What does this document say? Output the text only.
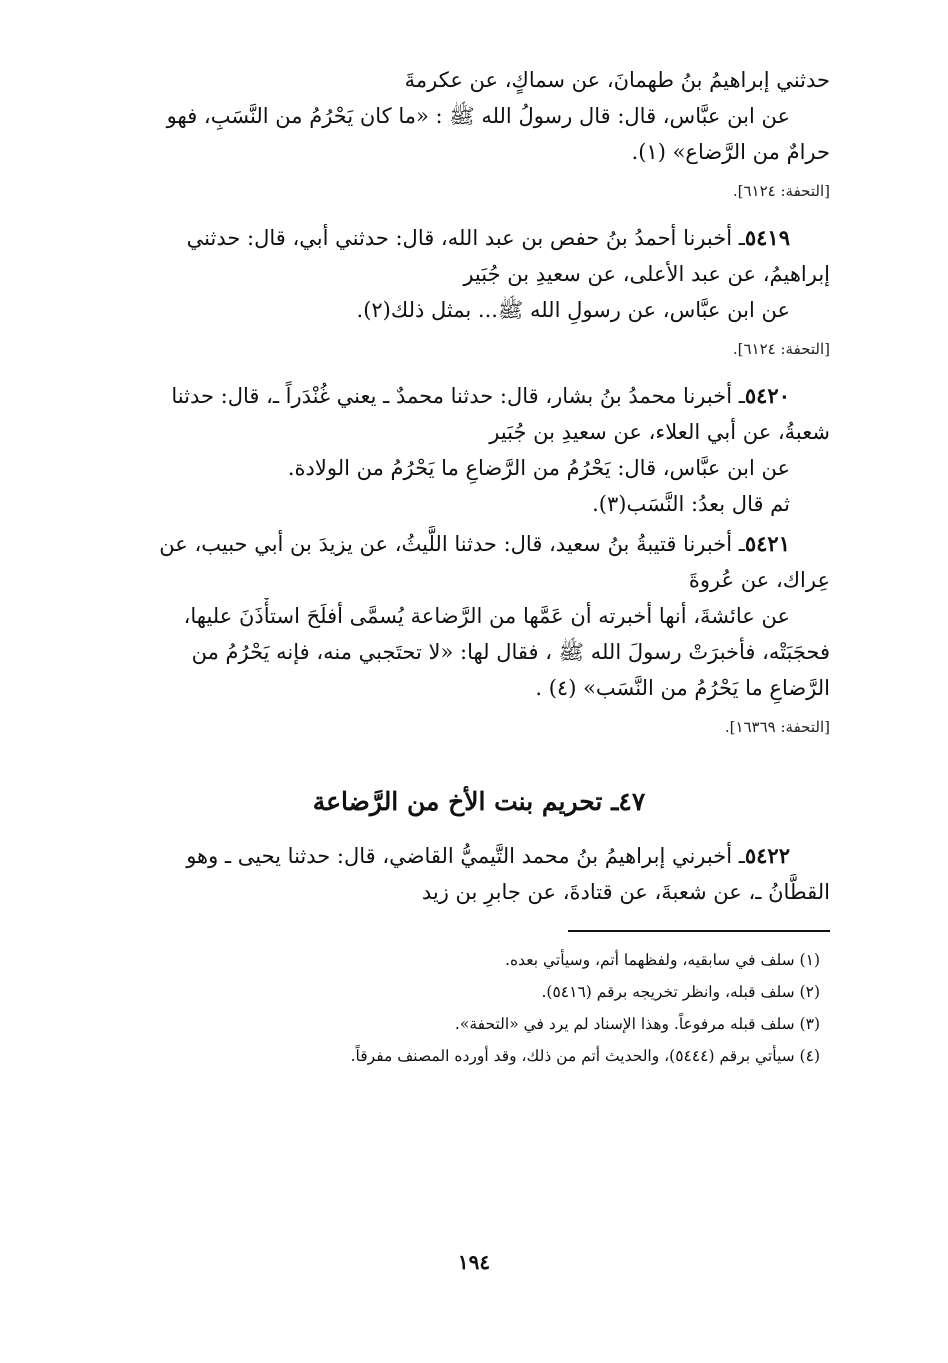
حدثني إبراهيمُ بنُ طهمانَ، عن سماكٍ، عن عكرمةَ
عن ابن عبَّاس، قال: قال رسولُ الله ﷺ : «ما كان يَحْرُمُ من النَّسَبِ، فهو
حرامٌ من الرَّضاع» (١).
[التحفة: ٦١٢٤].
٥٤١٩ـ أخبرنا أحمدُ بنُ حفص بن عبد الله، قال: حدثني أبي، قال: حدثني
إبراهيمُ، عن عبد الأعلى، عن سعيدِ بن جُبَير
عن ابن عبَّاس، عن رسولِ الله ﷺ... بمثل ذلك(٢).
[التحفة: ٦١٢٤].
٥٤٢٠ـ أخبرنا محمدُ بنُ بشار، قال: حدثنا محمدٌ ـ يعني غُنْدَراً ـ، قال: حدثنا
شعبةُ، عن أبي العلاء، عن سعيدِ بن جُبَير
عن ابن عبَّاس، قال: يَحْرُمُ من الرَّضاعِ ما يَحْرُمُ من الولادة.
ثم قال بعدُ: النَّسَب(٣).
٥٤٢١ـ أخبرنا قتيبةُ بنُ سعيد، قال: حدثنا اللَّيثُ، عن يزيدَ بن أبي حبيب، عن
عِراك، عن عُروةَ
عن عائشةَ، أنها أخبرته أن عَمَّها من الرَّضاعة يُسمَّى أفلَحَ استأْذَنَ عليها،
فحجَبَتْه، فأخبرَتْ رسولَ الله ﷺ ، فقال لها: «لا تحتَجبي منه، فإنه يَحْرُمُ من
الرَّضاعِ ما يَحْرُمُ من النَّسَب» (٤) .
[التحفة: ١٦٣٦٩].
٤٧ـ تحريم بنت الأخ من الرَّضاعة
٥٤٢٢ـ أخبرني إبراهيمُ بنُ محمد التَّيميُّ القاضي، قال: حدثنا يحيى ـ وهو
القطَّانُ ـ، عن شعبةَ، عن قتادةَ، عن جابرِ بن زيد
(١) سلف في سابقيه، ولفظهما أتم، وسيأتي بعده.
(٢) سلف قبله، وانظر تخريجه برقم (٥٤١٦).
(٣) سلف قبله مرفوعاً. وهذا الإسناد لم يرد في «التحفة».
(٤) سيأتي برقم (٥٤٤٤)، والحديث أتم من ذلك، وقد أورده المصنف مفرقاً.
١٩٤
